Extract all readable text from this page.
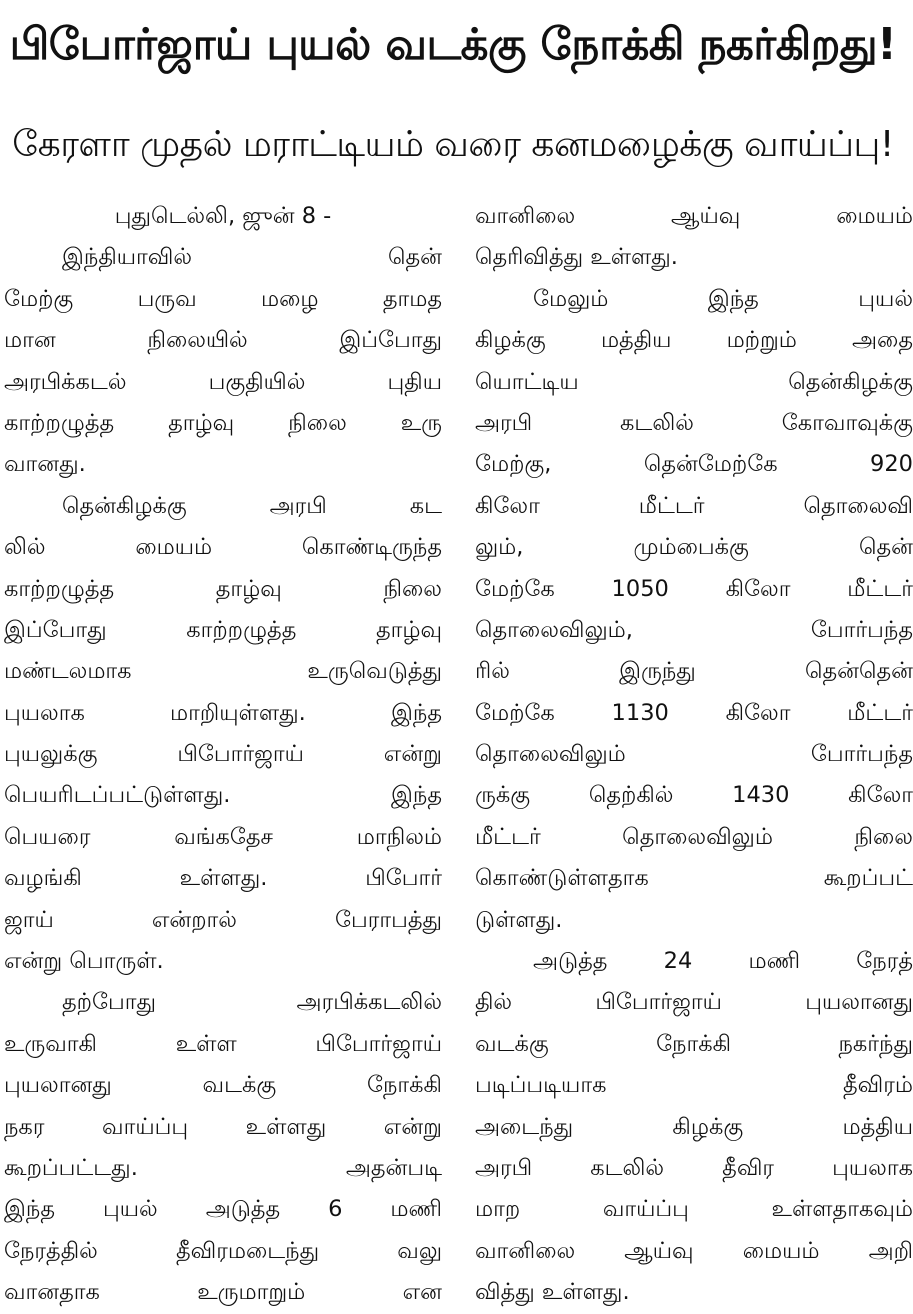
பிபோர்ஜாய் புயல் வடக்கு நோக்கி நகர்கிறது!
கேரளா முதல் மராட்டியம் வரை கனமழைக்கு வாய்ப்பு!
புதுடெல்லி, ஜுன் 8 -
இந்தியாவில் தென்
மேற்கு பருவ மழை தாமத
மான நிலையில் இப்போது
அரபிக்கடல் பகுதியில் புதிய
காற்றழுத்த தாழ்வு நிலை உரு
வானது.
தென்கிழக்கு அரபி கட
லில் மையம் கொண்டிருந்த
காற்றழுத்த தாழ்வு நிலை
இப்போது காற்றழுத்த தாழ்வு
மண்டலமாக உருவெடுத்து
புயலாக மாறியுள்ளது. இந்த
புயலுக்கு பிபோர்ஜாய் என்று
பெயரிடப்பட்டுள்ளது. இந்த
பெயரை வங்கதேச மாநிலம்
வழங்கி உள்ளது. பிபோர்
ஜாய் என்றால் பேராபத்து
என்று பொருள்.
தற்போது அரபிக்கடலில்
உருவாகி உள்ள பிபோர்ஜாய்
புயலானது வடக்கு நோக்கி
நகர வாய்ப்பு உள்ளது என்று
கூறப்பட்டது. அதன்படி
இந்த புயல் அடுத்த 6 மணி
நேரத்தில் தீவிரமடைந்து வலு
வானதாக உருமாறும் என
வானிலை ஆய்வு மையம்
தெரிவித்து உள்ளது.
மேலும் இந்த புயல்
கிழக்கு மத்திய மற்றும் அதை
யொட்டிய தென்கிழக்கு
அரபி கடலில் கோவாவுக்கு
மேற்கு, தென்மேற்கே 920
கிலோ மீட்டர் தொலைவி
லும், மும்பைக்கு தென்
மேற்கே 1050 கிலோ மீட்டர்
தொலைவிலும், போர்பந்த
ரில் இருந்து தென்தென்
மேற்கே 1130 கிலோ மீட்டர்
தொலைவிலும் போர்பந்த
ருக்கு தெற்கில் 1430 கிலோ
மீட்டர் தொலைவிலும் நிலை
கொண்டுள்ளதாக கூறப்பட்
டுள்ளது.
அடுத்த 24 மணி நேரத்
தில் பிபோர்ஜாய் புயலானது
வடக்கு நோக்கி நகர்ந்து
படிப்படியாக தீவிரம்
அடைந்து கிழக்கு மத்திய
அரபி கடலில் தீவிர புயலாக
மாற வாய்ப்பு உள்ளதாகவும்
வானிலை ஆய்வு மையம் அறி
வித்து உள்ளது.
